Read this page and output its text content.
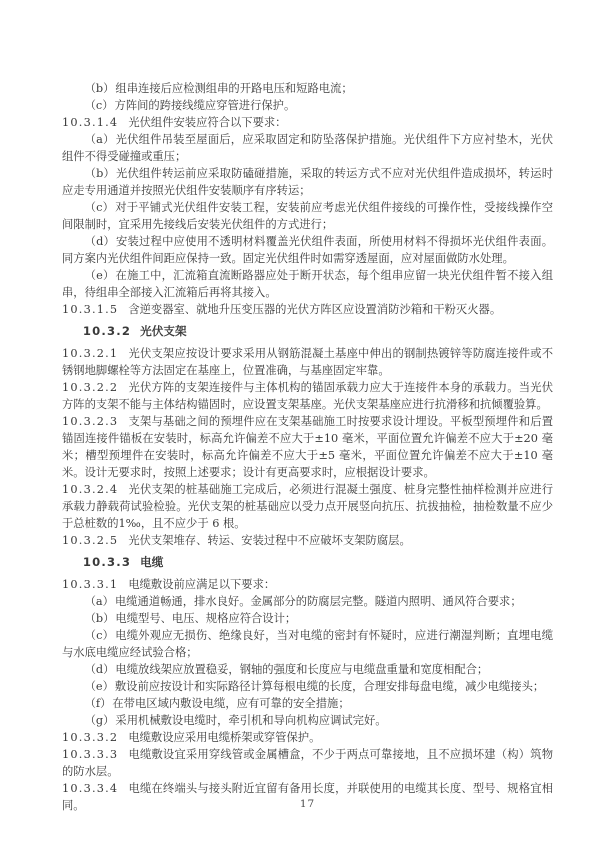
（b）组串连接后应检测组串的开路电压和短路电流；

（c）方阵间的跨接线缆应穿管进行保护。

10.3.1.4 光伏组件安装应符合以下要求：

（a）光伏组件吊装至屋面后，应采取固定和防坠落保护措施。光伏组件下方应衬垫木，光伏组件不得受碰撞或重压；

（b）光伏组件转运前应采取防磕碰措施，采取的转运方式不应对光伏组件造成损坏，转运时应走专用通道并按照光伏组件安装顺序有序转运；

（c）对于平铺式光伏组件安装工程，安装前应考虑光伏组件接线的可操作性，受接线操作空间限制时，宜采用先接线后安装光伏组件的方式进行；

（d）安装过程中应使用不透明材料覆盖光伏组件表面，所使用材料不得损坏光伏组件表面。同方案内光伏组件间距应保持一致。固定光伏组件时如需穿透屋面，应对屋面做防水处理。

（e）在施工中，汇流箱直流断路器应处于断开状态，每个组串应留一块光伏组件暂不接入组串，待组串全部接入汇流箱后再将其接入。

10.3.1.5 含逆变器室、就地升压变压器的光伏方阵区应设置消防沙箱和干粉灭火器。

10.3.2 光伏支架

10.3.2.1 光伏支架应按设计要求采用从钢筋混凝土基座中伸出的钢制热镀锌等防腐连接件或不锈钢地脚螺栓等方法固定在基座上，位置准确，与基座固定牢靠。

10.3.2.2 光伏方阵的支架连接件与主体机构的锚固承载力应大于连接件本身的承载力。当光伏方阵的支架不能与主体结构锚固时，应设置支架基座。光伏支架基座应进行抗滑移和抗倾覆验算。

10.3.2.3 支架与基础之间的预埋件应在支架基础施工时按要求设计埋设。平板型预埋件和后置锚固连接件锚板在安装时，标高允许偏差不应大于±10 毫米，平面位置允许偏差不应大于±20 毫米；槽型预埋件在安装时，标高允许偏差不应大于±5 毫米，平面位置允许偏差不应大于±10 毫米。设计无要求时，按照上述要求；设计有更高要求时，应根据设计要求。

10.3.2.4 光伏支架的桩基础施工完成后，必须进行混凝土强度、桩身完整性抽样检测并应进行承载力静载荷试验检验。光伏支架的桩基础应以受力点开展竖向抗压、抗拔抽检，抽检数量不应少于总桩数的1‰，且不应少于 6 根。

10.3.2.5 光伏支架堆存、转运、安装过程中不应破坏支架防腐层。

10.3.3 电缆

10.3.3.1 电缆敷设前应满足以下要求：

（a）电缆通道畅通，排水良好。金属部分的防腐层完整。隧道内照明、通风符合要求；

（b）电缆型号、电压、规格应符合设计；

（c）电缆外观应无损伤、绝缘良好，当对电缆的密封有怀疑时，应进行潮湿判断；直埋电缆与水底电缆应经试验合格；

（d）电缆放线架应放置稳妥，钢轴的强度和长度应与电缆盘重量和宽度相配合；

（e）敷设前应按设计和实际路径计算每根电缆的长度，合理安排每盘电缆，减少电缆接头；

（f）在带电区域内敷设电缆，应有可靠的安全措施；

（g）采用机械敷设电缆时，牵引机和导向机构应调试完好。

10.3.3.2 电缆敷设应采用电缆桥架或穿管保护。

10.3.3.3 电缆敷设宜采用穿线管或金属槽盒，不少于两点可靠接地，且不应损坏建（构）筑物的防水层。

10.3.3.4 电缆在终端头与接头附近宜留有备用长度，并联使用的电缆其长度、型号、规格宜相同。	17
